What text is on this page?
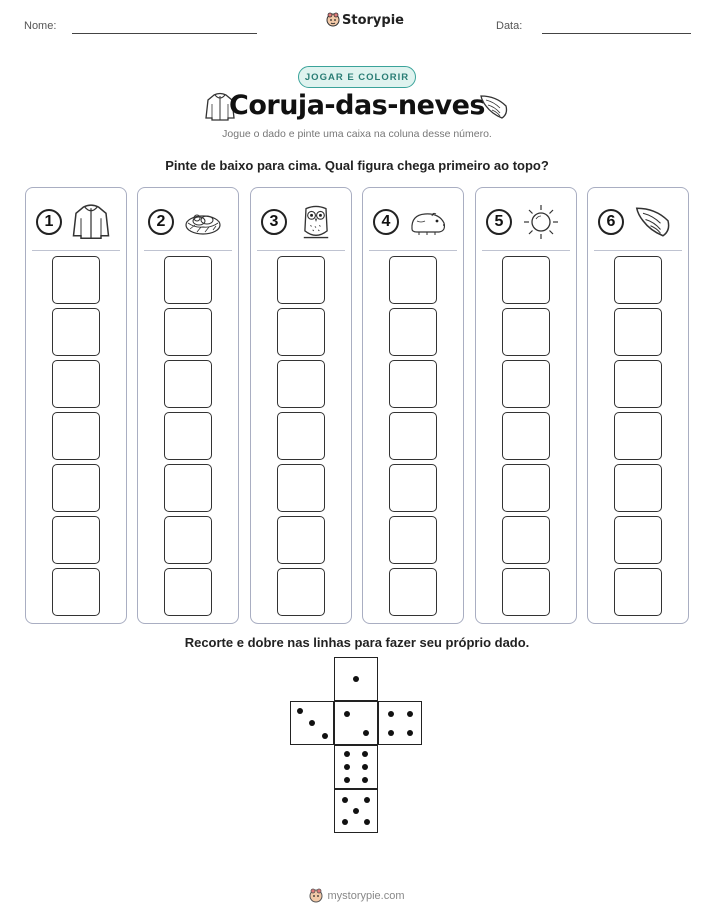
Nome:	Storypie	Data:
JOGAR E COLORIR
Coruja-das-neves
Jogue o dado e pinte uma caixa na coluna desse número.
Pinte de baixo para cima. Qual figura chega primeiro ao topo?
1	2	3	4	5	6
Recorte e dobre nas linhas para fazer seu próprio dado.
mystorypie.com
